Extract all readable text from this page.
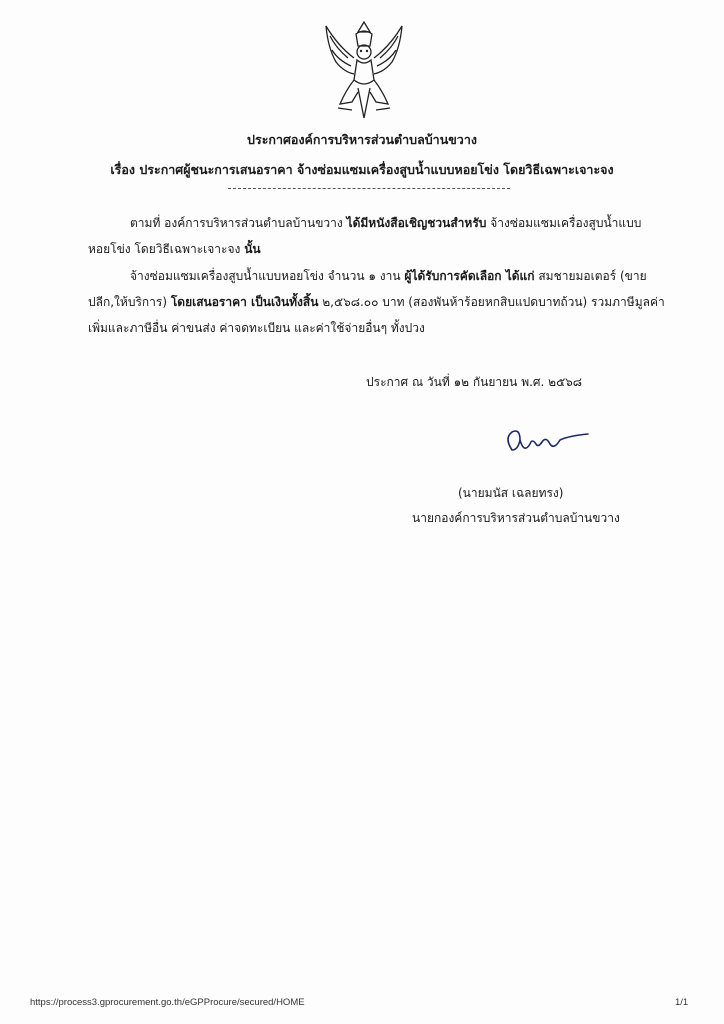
ประกาศองค์การบริหารส่วนตำบลบ้านขวาง
เรื่อง ประกาศผู้ชนะการเสนอราคา จ้างซ่อมแซมเครื่องสูบน้ำแบบหอยโข่ง โดยวิธีเฉพาะเจาะจง
ตามที่ องค์การบริหารส่วนตำบลบ้านขวาง ได้มีหนังสือเชิญชวนสำหรับ จ้างซ่อมแซมเครื่องสูบน้ำแบบ
หอยโข่ง โดยวิธีเฉพาะเจาะจง นั้น
จ้างซ่อมแซมเครื่องสูบน้ำแบบหอยโข่ง จำนวน ๑ งาน ผู้ได้รับการคัดเลือก ได้แก่ สมชายมอเตอร์ (ขาย
ปลีก,ให้บริการ) โดยเสนอราคา เป็นเงินทั้งสิ้น ๒,๕๖๘.๐๐ บาท (สองพันห้าร้อยหกสิบแปดบาทถ้วน) รวมภาษีมูลค่า
เพิ่มและภาษีอื่น ค่าขนส่ง ค่าจดทะเบียน และค่าใช้จ่ายอื่นๆ ทั้งปวง
ประกาศ ณ วันที่ ๑๒ กันยายน พ.ศ. ๒๕๖๘
(นายมนัส เฉลยทรง)
นายกองค์การบริหารส่วนตำบลบ้านขวาง
https://process3.gprocurement.go.th/eGPProcure/secured/HOME	1/1
